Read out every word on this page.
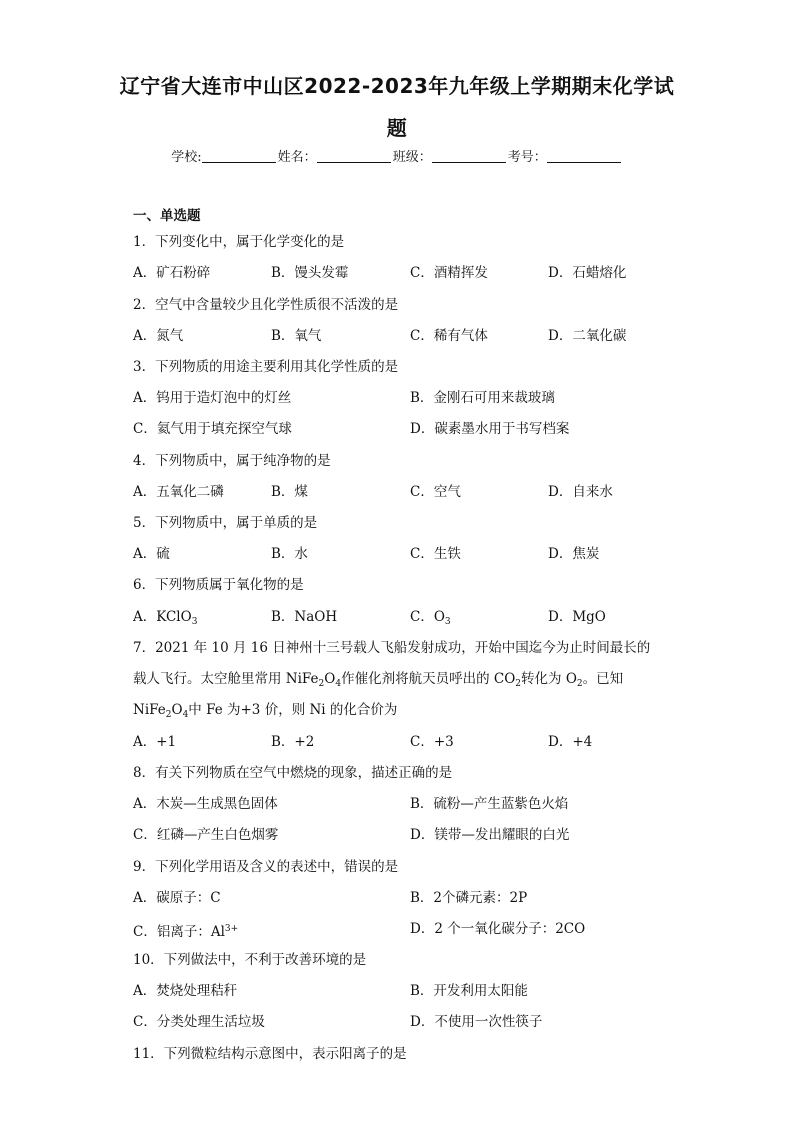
辽宁省大连市中山区2022-2023年九年级上学期期末化学试
题
学校:	姓名：	班级：	考号：
一、单选题
1．下列变化中，属于化学变化的是
A．矿石粉碎	B．馒头发霉	C．酒精挥发	D．石蜡熔化
2．空气中含量较少且化学性质很不活泼的是
A．氮气	B．氧气	C．稀有气体	D．二氧化碳
3．下列物质的用途主要利用其化学性质的是
A．钨用于造灯泡中的灯丝	B．金刚石可用来裁玻璃
C．氦气用于填充探空气球	D．碳素墨水用于书写档案
4．下列物质中，属于纯净物的是
A．五氧化二磷	B．煤	C．空气	D．自来水
5．下列物质中，属于单质的是
A．硫	B．水	C．生铁	D．焦炭
6．下列物质属于氧化物的是
A．KClO$_3$	B．NaOH	C．$O_3$	D．MgO
7．2021 年 10 月 16 日神州十三号载人飞船发射成功，开始中国迄今为止时间最长的
载人飞行。太空舱里常用 $NiFe_2O_4$作催化剂将航天员呼出的 $CO_2$转化为 $O_2$。已知
$NiFe_2O_4$中 Fe 为+3 价，则 Ni 的化合价为
A．+1	B．+2	C．+3	D．+4
8．有关下列物质在空气中燃烧的现象，描述正确的是
A．木炭—生成黑色固体	B．硫粉—产生蓝紫色火焰
C．红磷—产生白色烟雾	D．镁带—发出耀眼的白光
9．下列化学用语及含义的表述中，错误的是
A．碳原子：C	B．2个磷元素：2P
C．铝离子：$Al^{3+}$	D．2 个一氧化碳分子：2CO
10．下列做法中，不利于改善环境的是
A．焚烧处理秸秆	B．开发利用太阳能
C．分类处理生活垃圾	D．不使用一次性筷子
11．下列微粒结构示意图中，表示阳离子的是
